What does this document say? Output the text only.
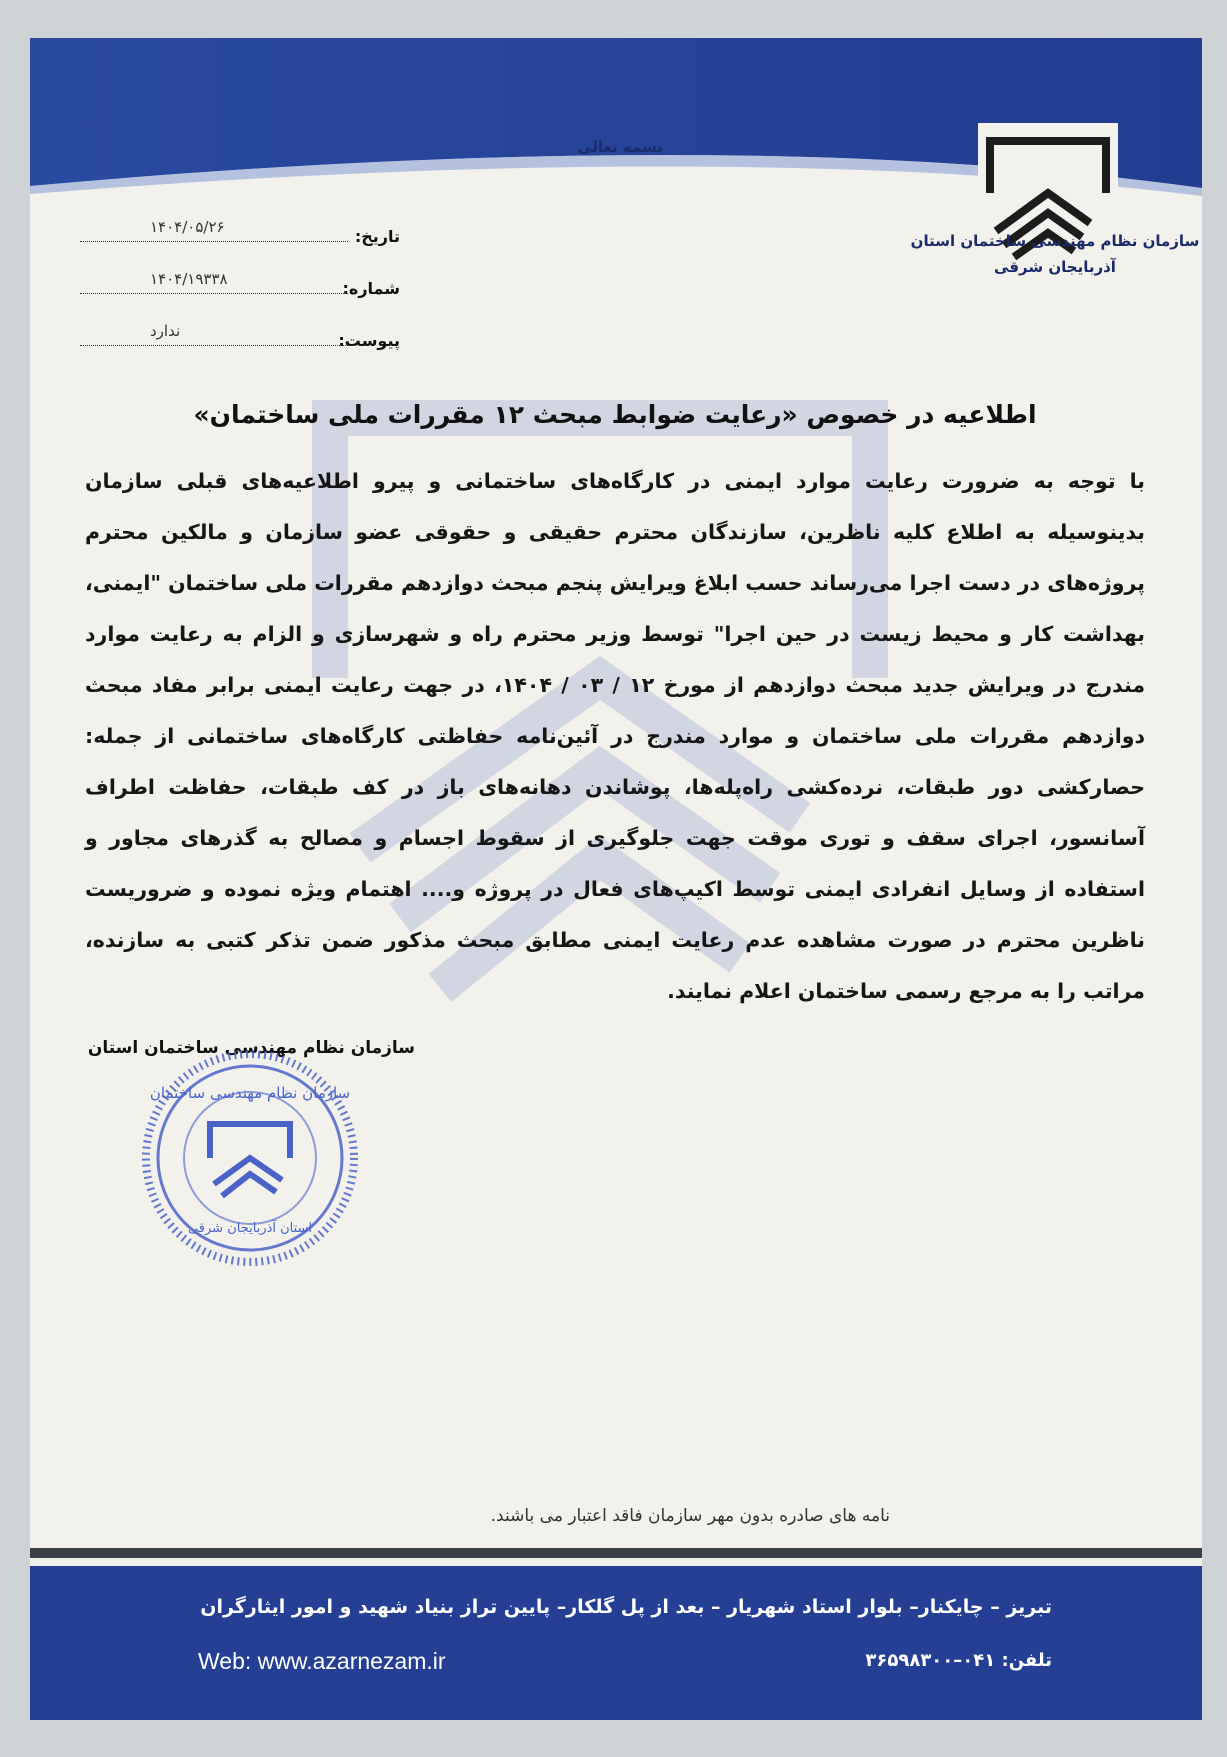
بسمه تعالی
سازمان نظام مهندسی ساختمان استان
آذربایجان شرقی
تاریخ:
۱۴۰۴/۰۵/۲۶
شماره:
۱۴۰۴/۱۹۳۳۸
پیوست:
ندارد
اطلاعیه در خصوص «رعایت ضوابط مبحث ۱۲ مقررات ملی ساختمان»
با توجه به ضرورت رعایت موارد ایمنی در کارگاه‌های ساختمانی و پیرو اطلاعیه‌های قبلی سازمان بدینوسیله به اطلاع کلیه ناظرین، سازندگان محترم حقیقی و حقوقی عضو سازمان و مالکین محترم پروژه‌های در دست اجرا می‌رساند حسب ابلاغ ویرایش پنجم مبحث دوازدهم مقررات ملی ساختمان "ایمنی، بهداشت کار و محیط زیست در حین اجرا" توسط وزیر محترم راه و شهرسازی و الزام به رعایت موارد مندرج در ویرایش جدید مبحث دوازدهم از مورخ ۱۲ / ۰۳ / ۱۴۰۴، در جهت رعایت ایمنی برابر مفاد مبحث دوازدهم مقررات ملی ساختمان و موارد مندرج در آئین‌نامه حفاظتی کارگاه‌های ساختمانی از جمله: حصارکشی دور طبقات، نرده‌کشی راه‌پله‌ها، پوشاندن دهانه‌های باز در کف طبقات، حفاظت اطراف آسانسور، اجرای سقف و توری موقت جهت جلوگیری از سقوط اجسام و مصالح به گذرهای مجاور و استفاده از وسایل انفرادی ایمنی توسط اکیپ‌های فعال در پروژه و.... اهتمام ویژه نموده و ضروریست ناظرین محترم در صورت مشاهده عدم رعایت ایمنی مطابق مبحث مذکور ضمن تذکر کتبی به سازنده، مراتب را به مرجع رسمی ساختمان اعلام نمایند.
سازمان نظام مهندسی ساختمان استان
سازمان نظام مهندسی ساختمان
استان آذربایجان شرقی
نامه های صادره بدون مهر سازمان فاقد اعتبار می باشند.
تبریز – چایکنار– بلوار استاد شهریار – بعد از پل گلکار– پایین تراز بنیاد شهید و امور ایثارگران
تلفن: ۰۴۱–۳۶۵۹۸۳۰۰
Web: www.azarnezam.ir
